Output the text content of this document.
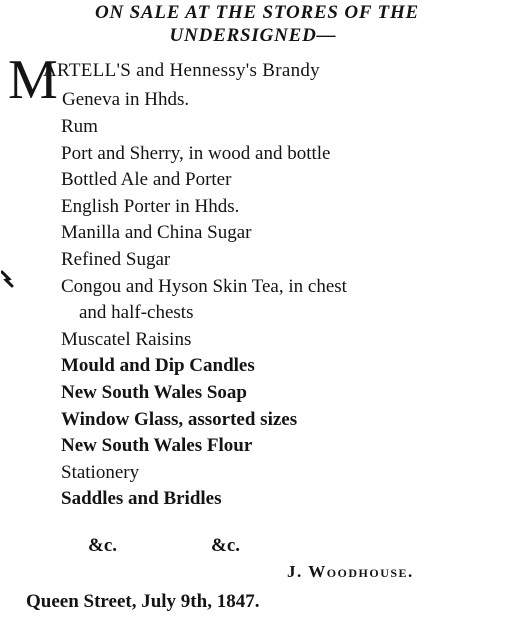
ON SALE AT THE STORES OF THE
UNDERSIGNED—
M
ARTELL'S and Hennessy's Brandy
Geneva in Hhds.
Rum
Port and Sherry, in wood and bottle
Bottled Ale and Porter
English Porter in Hhds.
Manilla and China Sugar
Refined Sugar
Congou and Hyson Skin Tea, in chest
and half-chests
Muscatel Raisins
Mould and Dip Candles
New South Wales Soap
Window Glass, assorted sizes
New South Wales Flour
Stationery
Saddles and Bridles
&c.	&c.
J. Woodhouse.
Queen Street, July 9th, 1847.
